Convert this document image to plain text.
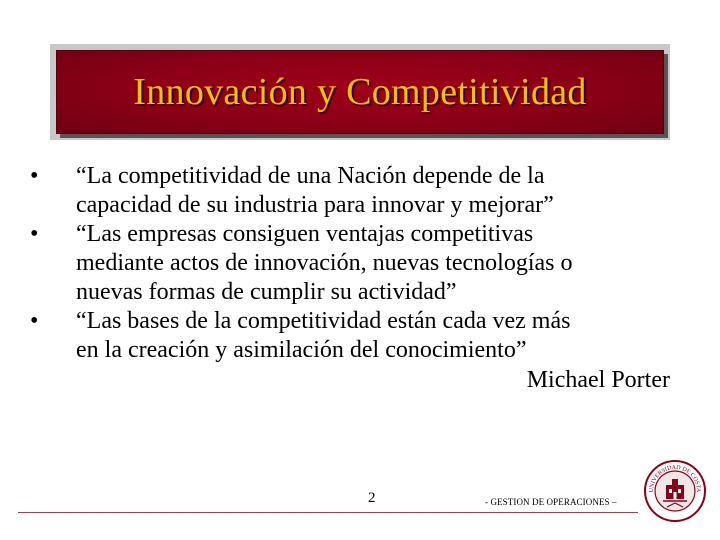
Innovación y Competitividad
•	“La competitividad de una Nación depende de la
capacidad de su industria para innovar y mejorar”
•	“Las empresas consiguen ventajas competitivas
mediante actos de innovación, nuevas tecnologías o
nuevas formas de cumplir su actividad”
•	“Las bases de la competitividad están cada vez más
en la creación y asimilación del conocimiento”
Michael Porter
2	- GESTION DE OPERACIONES –
UNIVERSIDAD DE COSTA
